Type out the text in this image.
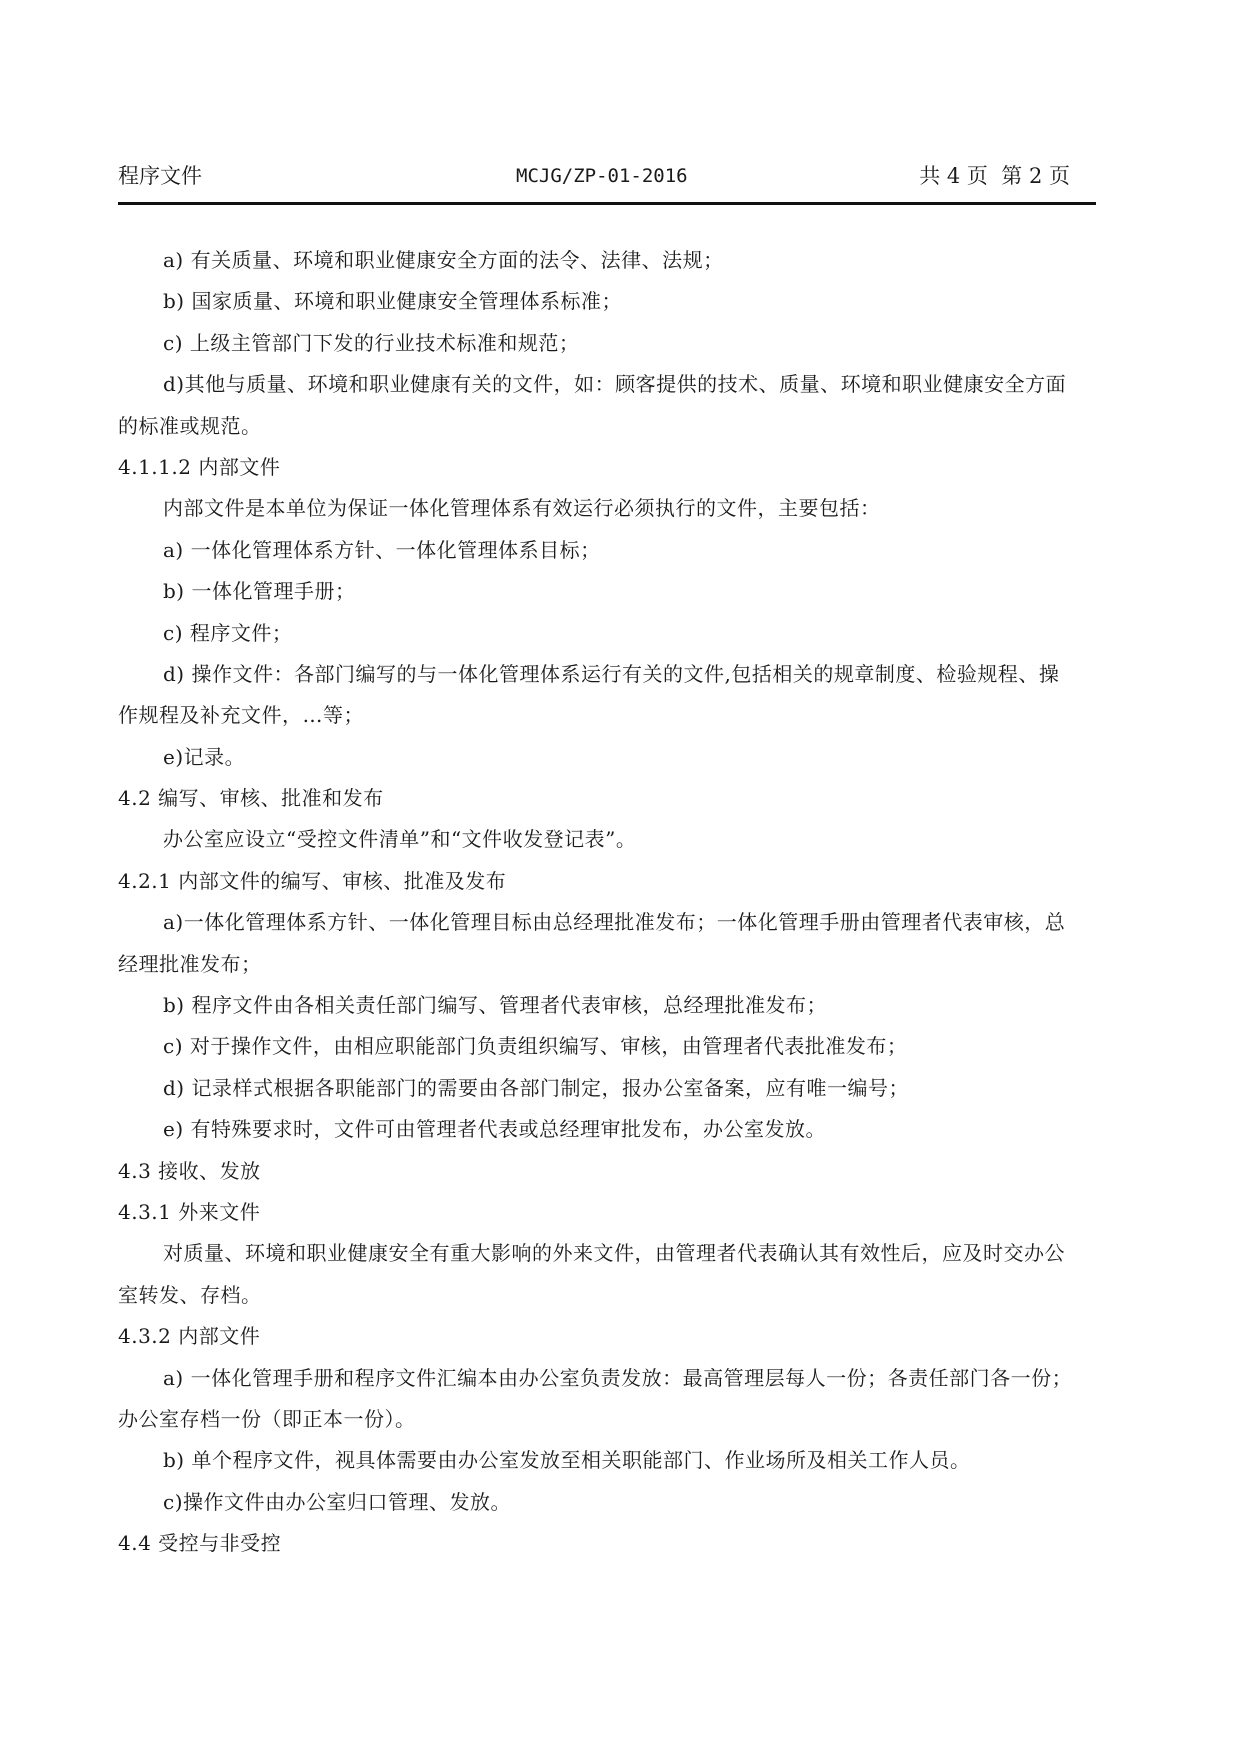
程序文件	MCJG/ZP-01-2016	共 4 页  第 2 页
a) 有关质量、环境和职业健康安全方面的法令、法律、法规；
b) 国家质量、环境和职业健康安全管理体系标准；
c) 上级主管部门下发的行业技术标准和规范；
d)其他与质量、环境和职业健康有关的文件，如：顾客提供的技术、质量、环境和职业健康安全方面
的标准或规范。
4.1.1.2 内部文件
内部文件是本单位为保证一体化管理体系有效运行必须执行的文件，主要包括：
a) 一体化管理体系方针、一体化管理体系目标；
b) 一体化管理手册；
c) 程序文件；
d) 操作文件：各部门编写的与一体化管理体系运行有关的文件,包括相关的规章制度、检验规程、操
作规程及补充文件，…等；
e)记录。
4.2 编写、审核、批准和发布
办公室应设立“受控文件清单”和“文件收发登记表”。
4.2.1 内部文件的编写、审核、批准及发布
a)一体化管理体系方针、一体化管理目标由总经理批准发布；一体化管理手册由管理者代表审核，总
经理批准发布；
b) 程序文件由各相关责任部门编写、管理者代表审核，总经理批准发布；
c) 对于操作文件，由相应职能部门负责组织编写、审核，由管理者代表批准发布；
d) 记录样式根据各职能部门的需要由各部门制定，报办公室备案，应有唯一编号；
e) 有特殊要求时，文件可由管理者代表或总经理审批发布，办公室发放。
4.3 接收、发放
4.3.1 外来文件
对质量、环境和职业健康安全有重大影响的外来文件，由管理者代表确认其有效性后，应及时交办公
室转发、存档。
4.3.2 内部文件
a) 一体化管理手册和程序文件汇编本由办公室负责发放：最高管理层每人一份；各责任部门各一份；
办公室存档一份（即正本一份）。
b) 单个程序文件，视具体需要由办公室发放至相关职能部门、作业场所及相关工作人员。
c)操作文件由办公室归口管理、发放。
4.4 受控与非受控
